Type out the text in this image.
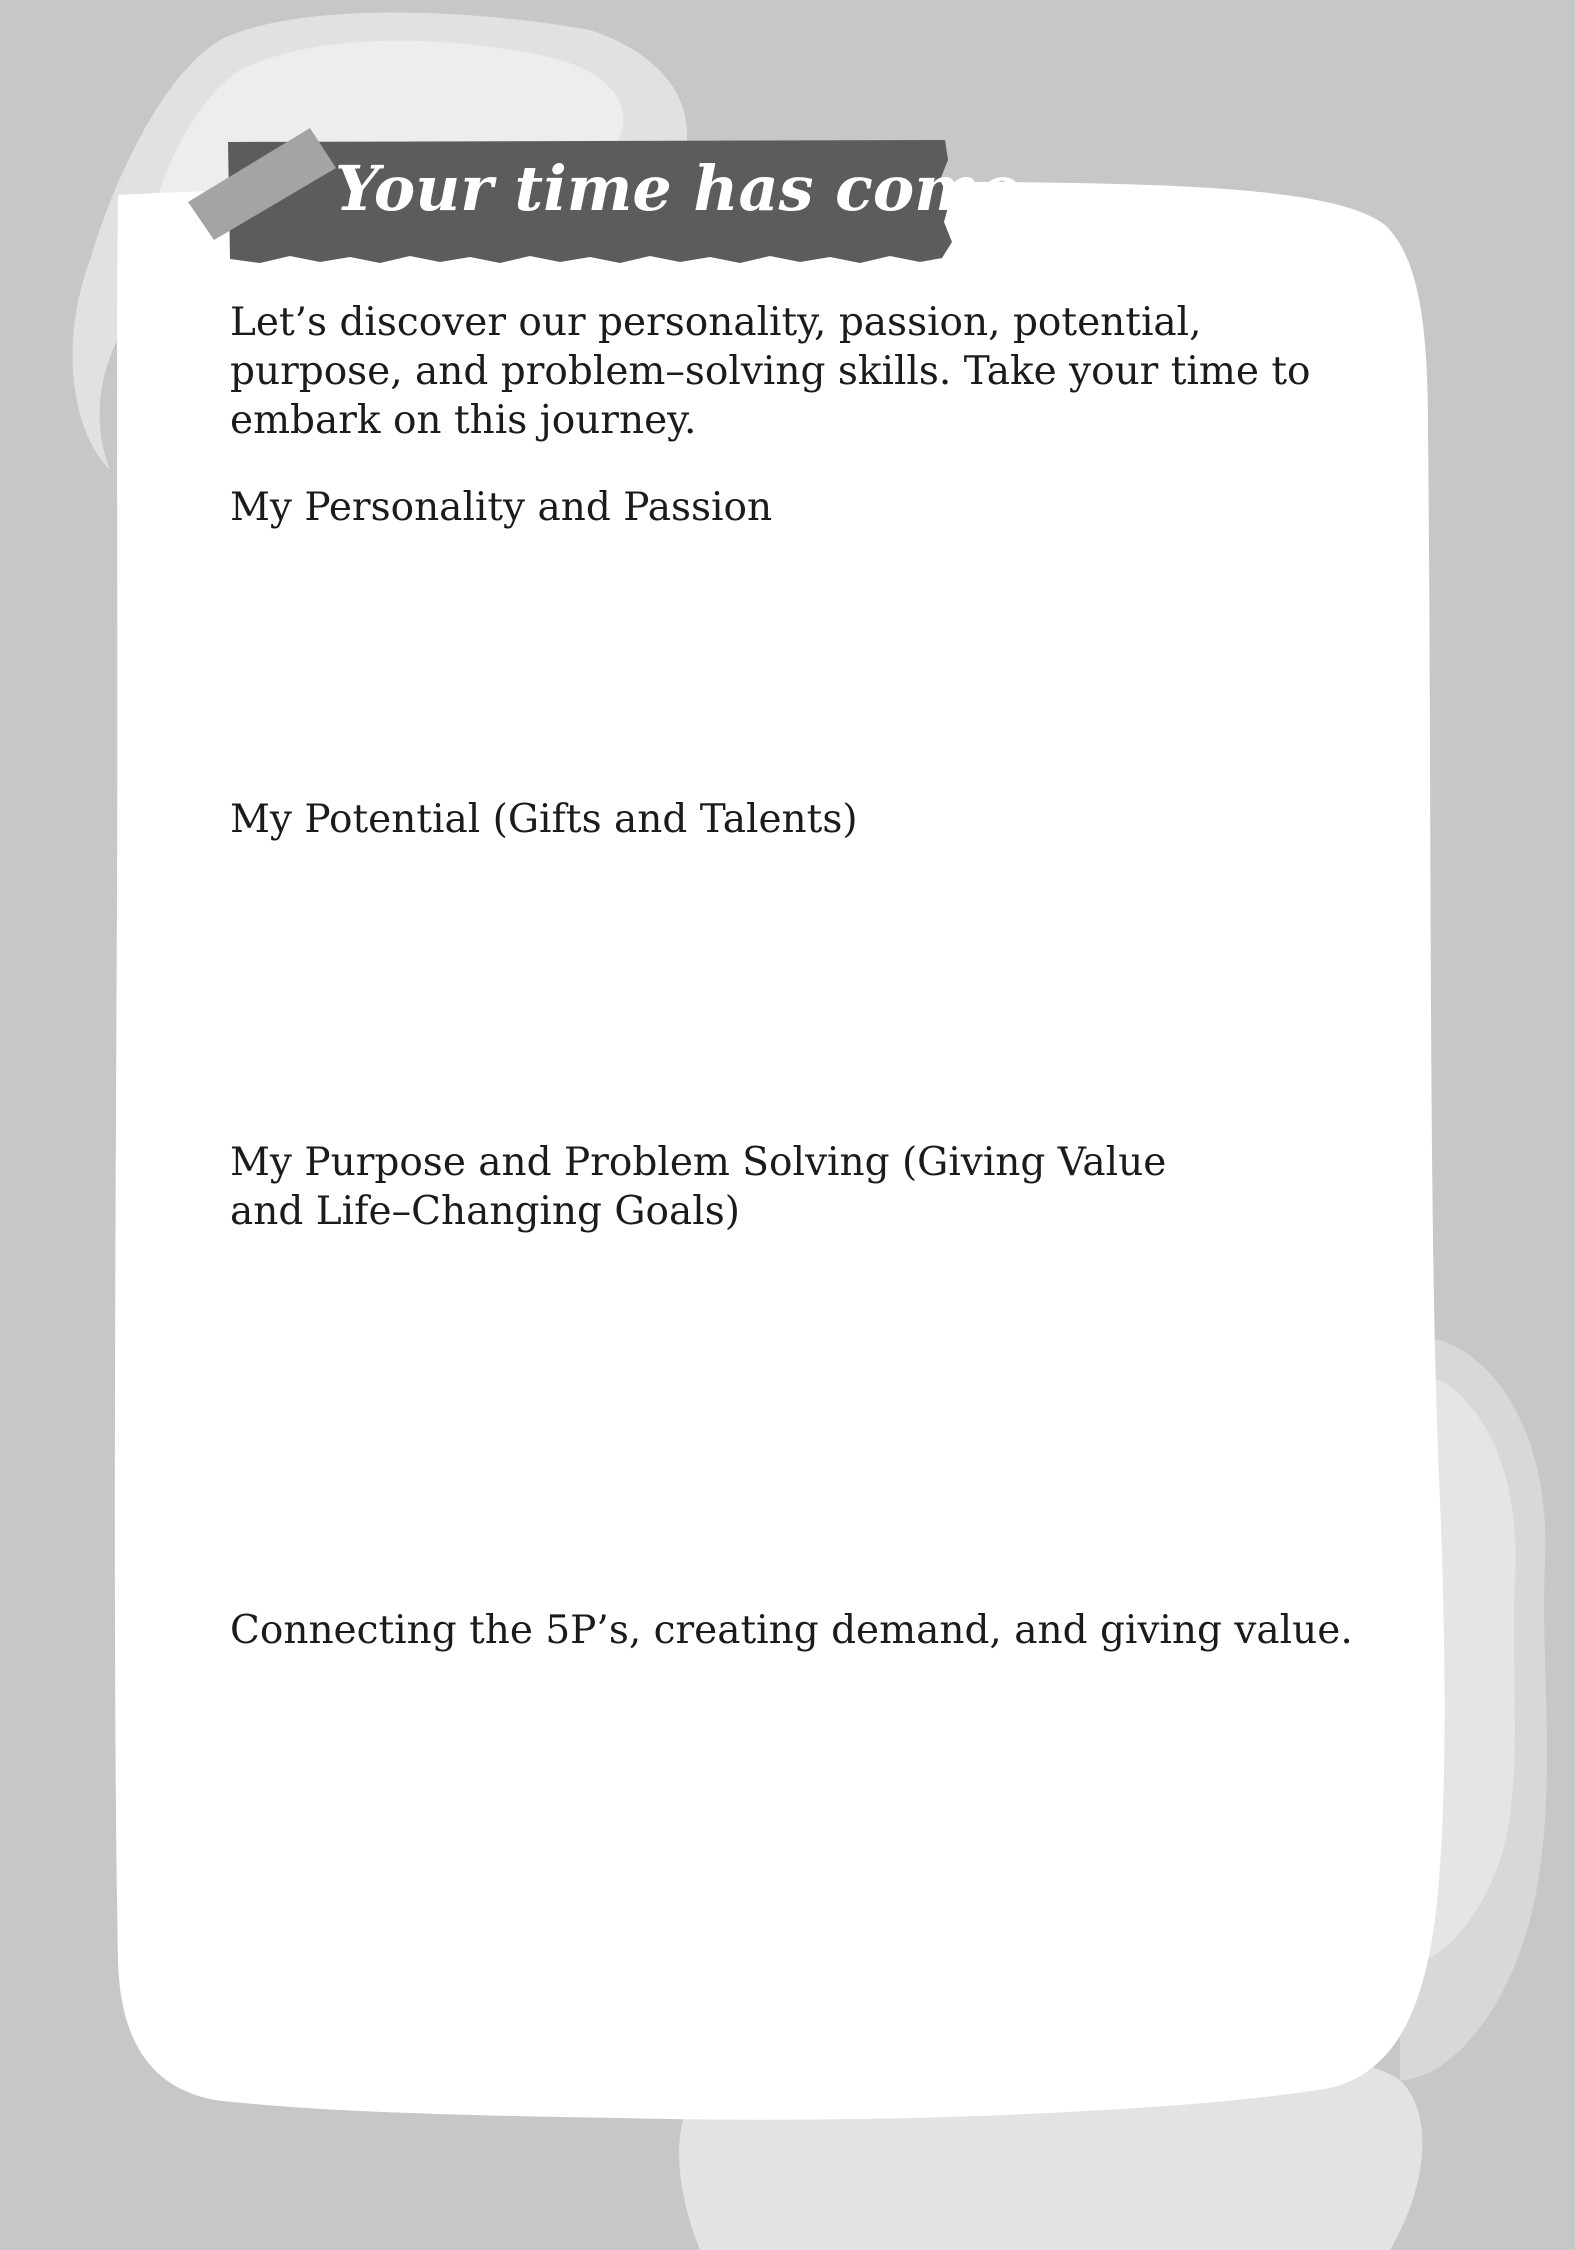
Your time has come

Let’s discover our personality, passion, potential, purpose, and problem–solving skills. Take your time to embark on this journey.

My Personality and Passion

My Potential (Gifts and Talents)

My Purpose and Problem Solving (Giving Value and Life–Changing Goals)

Connecting the 5P’s, creating demand, and giving value.
